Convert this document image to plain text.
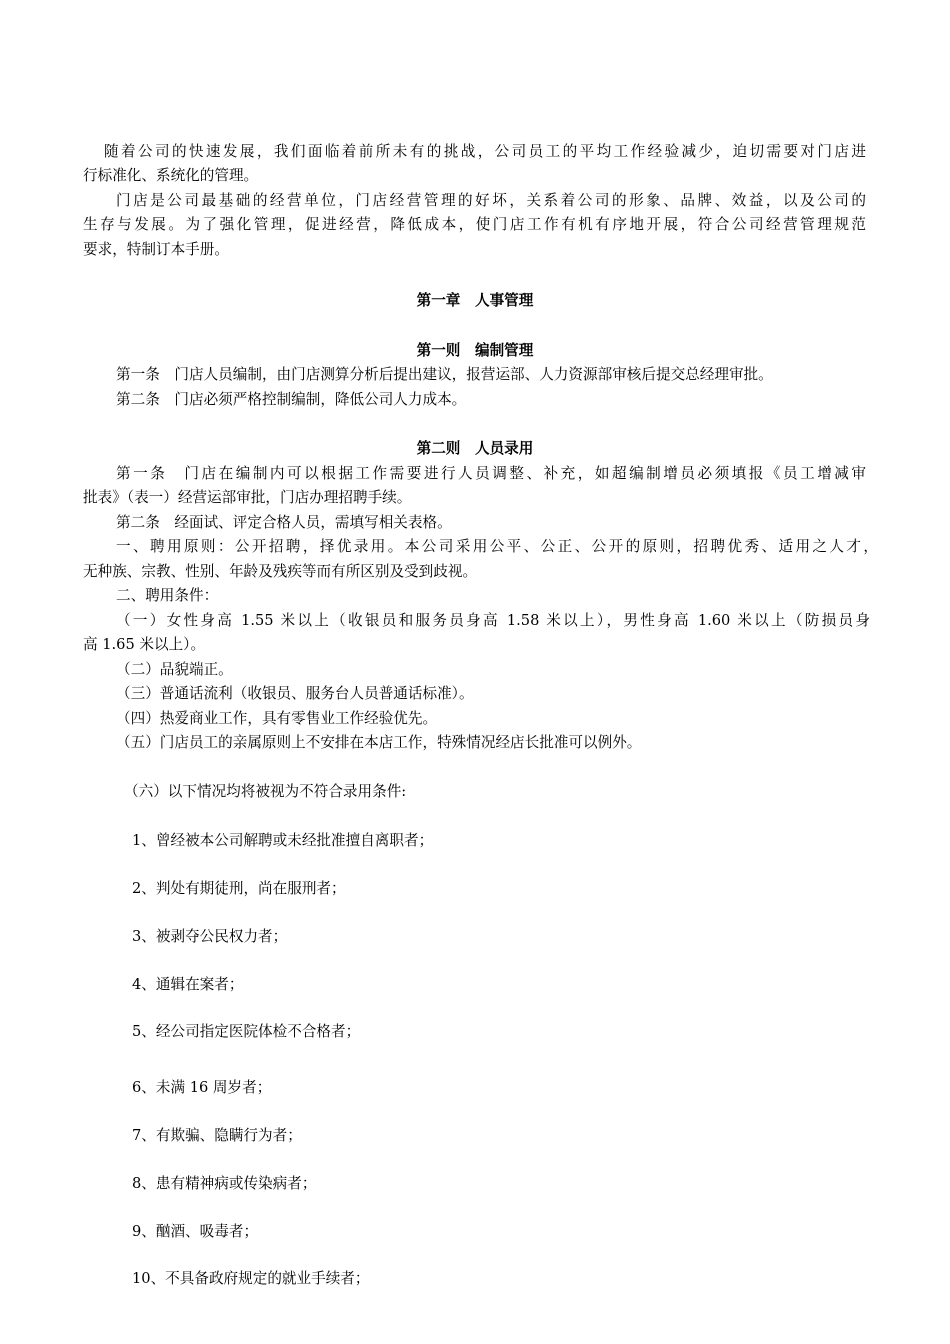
随着公司的快速发展，我们面临着前所未有的挑战，公司员工的平均工作经验减少，迫切需要对门店进
行标准化、系统化的管理。
门店是公司最基础的经营单位，门店经营管理的好坏，关系着公司的形象、品牌、效益，以及公司的
生存与发展。为了强化管理，促进经营，降低成本，使门店工作有机有序地开展，符合公司经营管理规范
要求，特制订本手册。
第一章　人事管理
第一则　编制管理
第一条　门店人员编制，由门店测算分析后提出建议，报营运部、人力资源部审核后提交总经理审批。
第二条　门店必须严格控制编制，降低公司人力成本。
第二则　人员录用
第一条　门店在编制内可以根据工作需要进行人员调整、补充，如超编制增员必须填报《员工增减审
批表》（表一）经营运部审批，门店办理招聘手续。
第二条　经面试、评定合格人员，需填写相关表格。
一、聘用原则：公开招聘，择优录用。本公司采用公平、公正、公开的原则，招聘优秀、适用之人才，
无种族、宗教、性别、年龄及残疾等而有所区别及受到歧视。
二、聘用条件：
（一）女性身高 1.55 米以上（收银员和服务员身高 1.58 米以上），男性身高 1.60 米以上（防损员身
高 1.65 米以上）。
（二）品貌端正。
（三）普通话流利（收银员、服务台人员普通话标准）。
（四）热爱商业工作，具有零售业工作经验优先。
（五）门店员工的亲属原则上不安排在本店工作，特殊情况经店长批准可以例外。
（六）以下情况均将被视为不符合录用条件:
1、曾经被本公司解聘或未经批准擅自离职者；
2、判处有期徒刑，尚在服刑者；
3、被剥夺公民权力者；
4、通辑在案者；
5、经公司指定医院体检不合格者；
6、未满 16 周岁者；
7、有欺骗、隐瞒行为者；
8、患有精神病或传染病者；
9、酗酒、吸毒者；
10、不具备政府规定的就业手续者；
